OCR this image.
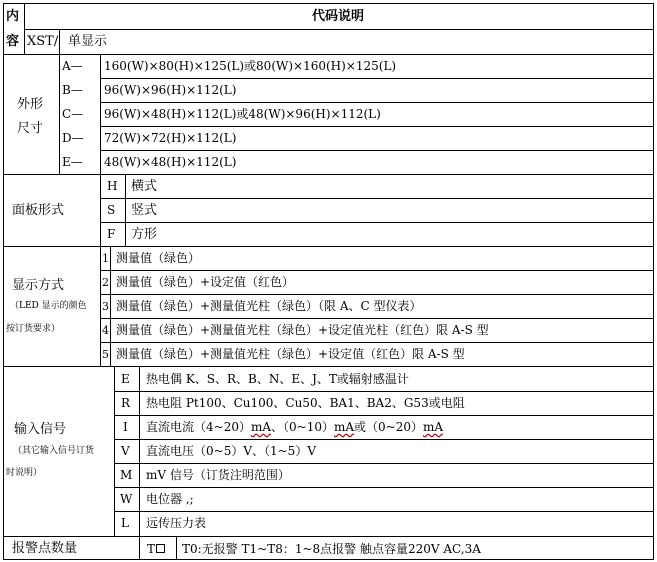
内
容
代码说明
XST/ 单显示
外形
尺寸
A— 160(W)×80(H)×125(L)或80(W)×160(H)×125(L)
B— 96(W)×96(H)×112(L)
C— 96(W)×48(H)×112(L)或48(W)×96(H)×112(L)
D— 72(W)×72(H)×112(L)
E— 48(W)×48(H)×112(L)
面板形式
H 横式
S 竖式
F 方形
显示方式
（LED 显示的颜色
按订货要求）
1 测量值（绿色）
2 测量值（绿色）+设定值（红色）
3 测量值（绿色）+测量值光柱（绿色）（限 A、C 型仪表）
4 测量值（绿色）+测量值光柱（绿色）+设定值光柱（红色）限 A-S 型
5 测量值（绿色）+测量值光柱（绿色）+设定值（红色）限 A-S 型
输入信号
（其它输入信号订货
时说明）
E 热电偶 K、S、R、B、N、E、J、T或辐射感温计
R 热电阻 Pt100、Cu100、Cu50、BA1、BA2、G53或电阻
I 直流电流（4~20）mA、（0~10）mA或（0~20）mA
V 直流电压（0~5）V、（1~5）V
M mV 信号（订货注明范围）
W 电位器 ,;
L 远传压力表
报警点数量	T	T0:无报警 T1~T8：1~8点报警 触点容量220V AC,3A
